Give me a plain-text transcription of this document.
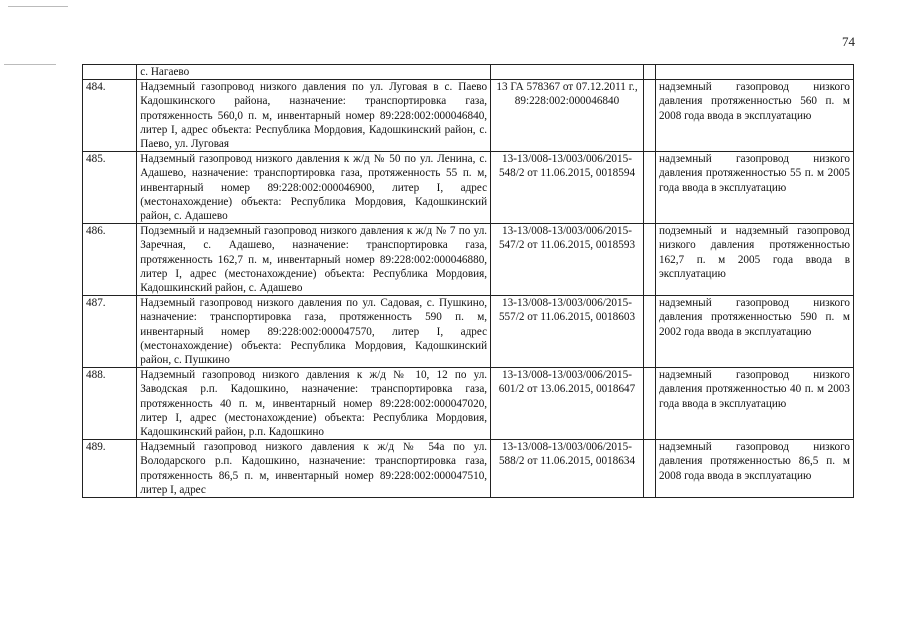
74
	с. Нагаево			
484.	Надземный газопровод низкого давления по ул. Луговая в с. Паево Кадошкинского района, назначение: транспортировка газа, протяженность 560,0 п. м, инвентарный номер 89:228:002:000046840, литер I, адрес объекта: Республика Мордовия, Кадошкинский район, с. Паево, ул. Луговая	13 ГА 578367 от 07.12.2011 г., 89:228:002:000046840		надземный газопровод низкого давления протяженностью 560 п. м 2008 года ввода в эксплуатацию
485.	Надземный газопровод низкого давления к ж/д № 50 по ул. Ленина, с. Адашево, назначение: транспортировка газа, протяженность 55 п. м, инвентарный номер 89:228:002:000046900, литер I, адрес (местонахождение) объекта: Республика Мордовия, Кадошкинский район, с. Адашево	13-13/008-13/003/006/2015-548/2 от 11.06.2015, 0018594		надземный газопровод низкого давления протяженностью 55 п. м 2005 года ввода в эксплуатацию
486.	Подземный и надземный газопровод низкого давления к ж/д № 7 по ул. Заречная, с. Адашево, назначение: транспортировка газа, протяженность 162,7 п. м, инвентарный номер 89:228:002:000046880, литер I, адрес (местонахождение) объекта: Республика Мордовия, Кадошкинский район, с. Адашево	13-13/008-13/003/006/2015-547/2 от 11.06.2015, 0018593		подземный и надземный газопровод низкого давления протяженностью 162,7 п. м 2005 года ввода в эксплуатацию
487.	Надземный газопровод низкого давления по ул. Садовая, с. Пушкино, назначение: транспортировка газа, протяженность 590 п. м, инвентарный номер 89:228:002:000047570, литер I, адрес (местонахождение) объекта: Республика Мордовия, Кадошкинский район, с. Пушкино	13-13/008-13/003/006/2015-557/2 от 11.06.2015, 0018603		надземный газопровод низкого давления протяженностью 590 п. м 2002 года ввода в эксплуатацию
488.	Надземный газопровод низкого давления к ж/д № 10, 12 по ул. Заводская р.п. Кадошкино, назначение: транспортировка газа, протяженность 40 п. м, инвентарный номер 89:228:002:000047020, литер I, адрес (местонахождение) объекта: Республика Мордовия, Кадошкинский район, р.п. Кадошкино	13-13/008-13/003/006/2015-601/2 от 13.06.2015, 0018647		надземный газопровод низкого давления протяженностью 40 п. м 2003 года ввода в эксплуатацию
489.	Надземный газопровод низкого давления к ж/д № 54а по ул. Володарского р.п. Кадошкино, назначение: транспортировка газа, протяженность 86,5 п. м, инвентарный номер 89:228:002:000047510, литер I, адрес	13-13/008-13/003/006/2015-588/2 от 11.06.2015, 0018634		надземный газопровод низкого давления протяженностью 86,5 п. м 2008 года ввода в эксплуатацию
